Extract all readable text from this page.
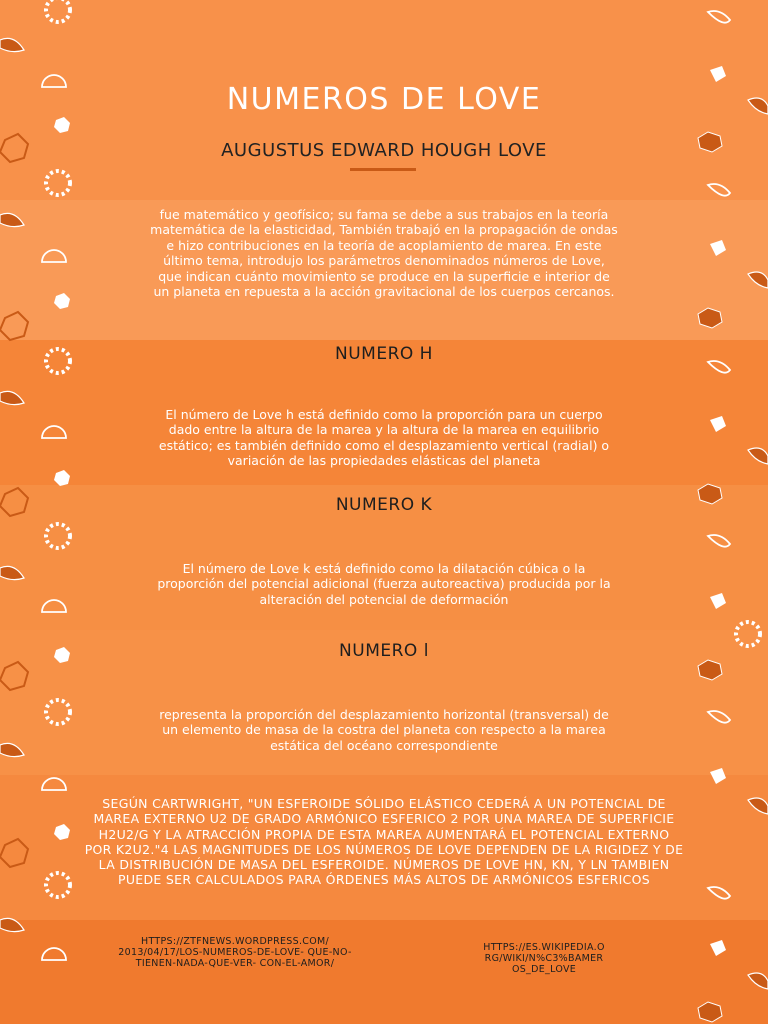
NUMEROS DE LOVE
AUGUSTUS EDWARD HOUGH LOVE

fue matemático y geofísico; su fama se debe a sus trabajos en la teoría matemática de la elasticidad, También trabajó en la propagación de ondas e hizo contribuciones en la teoría de acoplamiento de marea. En este último tema, introdujo los parámetros denominados números de Love, que indican cuánto movimiento se produce en la superficie e interior de un planeta en repuesta a la acción gravitacional de los cuerpos cercanos.

NUMERO H

El número de Love h está definido como la proporción para un cuerpo dado entre la altura de la marea y la altura de la marea en equilibrio estático; es también definido como el desplazamiento vertical (radial) o variación de las propiedades elásticas del planeta

NUMERO K

El número de Love k está definido como la dilatación cúbica o la proporción del potencial adicional (fuerza autoreactiva) producida por la alteración del potencial de deformación

NUMERO l

representa la proporción del desplazamiento horizontal (transversal) de un elemento de masa de la costra del planeta con respecto a la marea estática del océano correspondiente

SEGÚN CARTWRIGHT, "UN ESFEROIDE SÓLIDO ELÁSTICO CEDERÁ A UN POTENCIAL DE MAREA EXTERNO U2 DE GRADO ARMÓNICO ESFERICO 2 POR UNA MAREA DE SUPERFICIE H2U2/G Y LA ATRACCIÓN PROPIA DE ESTA MAREA AUMENTARÁ EL POTENCIAL EXTERNO POR K2U2."4 LAS MAGNITUDES DE LOS NÚMEROS DE LOVE DEPENDEN DE LA RIGIDEZ Y DE LA DISTRIBUCIÓN DE MASA DEL ESFEROIDE. NÚMEROS DE LOVE HN, KN, Y LN TAMBIEN PUEDE SER CALCULADOS PARA ÓRDENES MÁS ALTOS DE ARMÓNICOS ESFERICOS

HTTPS://ZTFNEWS.WORDPRESS.COM/ 2013/04/17/LOS-NUMEROS-DE-LOVE- QUE-NO-TIENEN-NADA-QUE-VER- CON-EL-AMOR/
HTTPS://ES.WIKIPEDIA.O RG/WIKI/N%C3%BAMER OS_DE_LOVE
